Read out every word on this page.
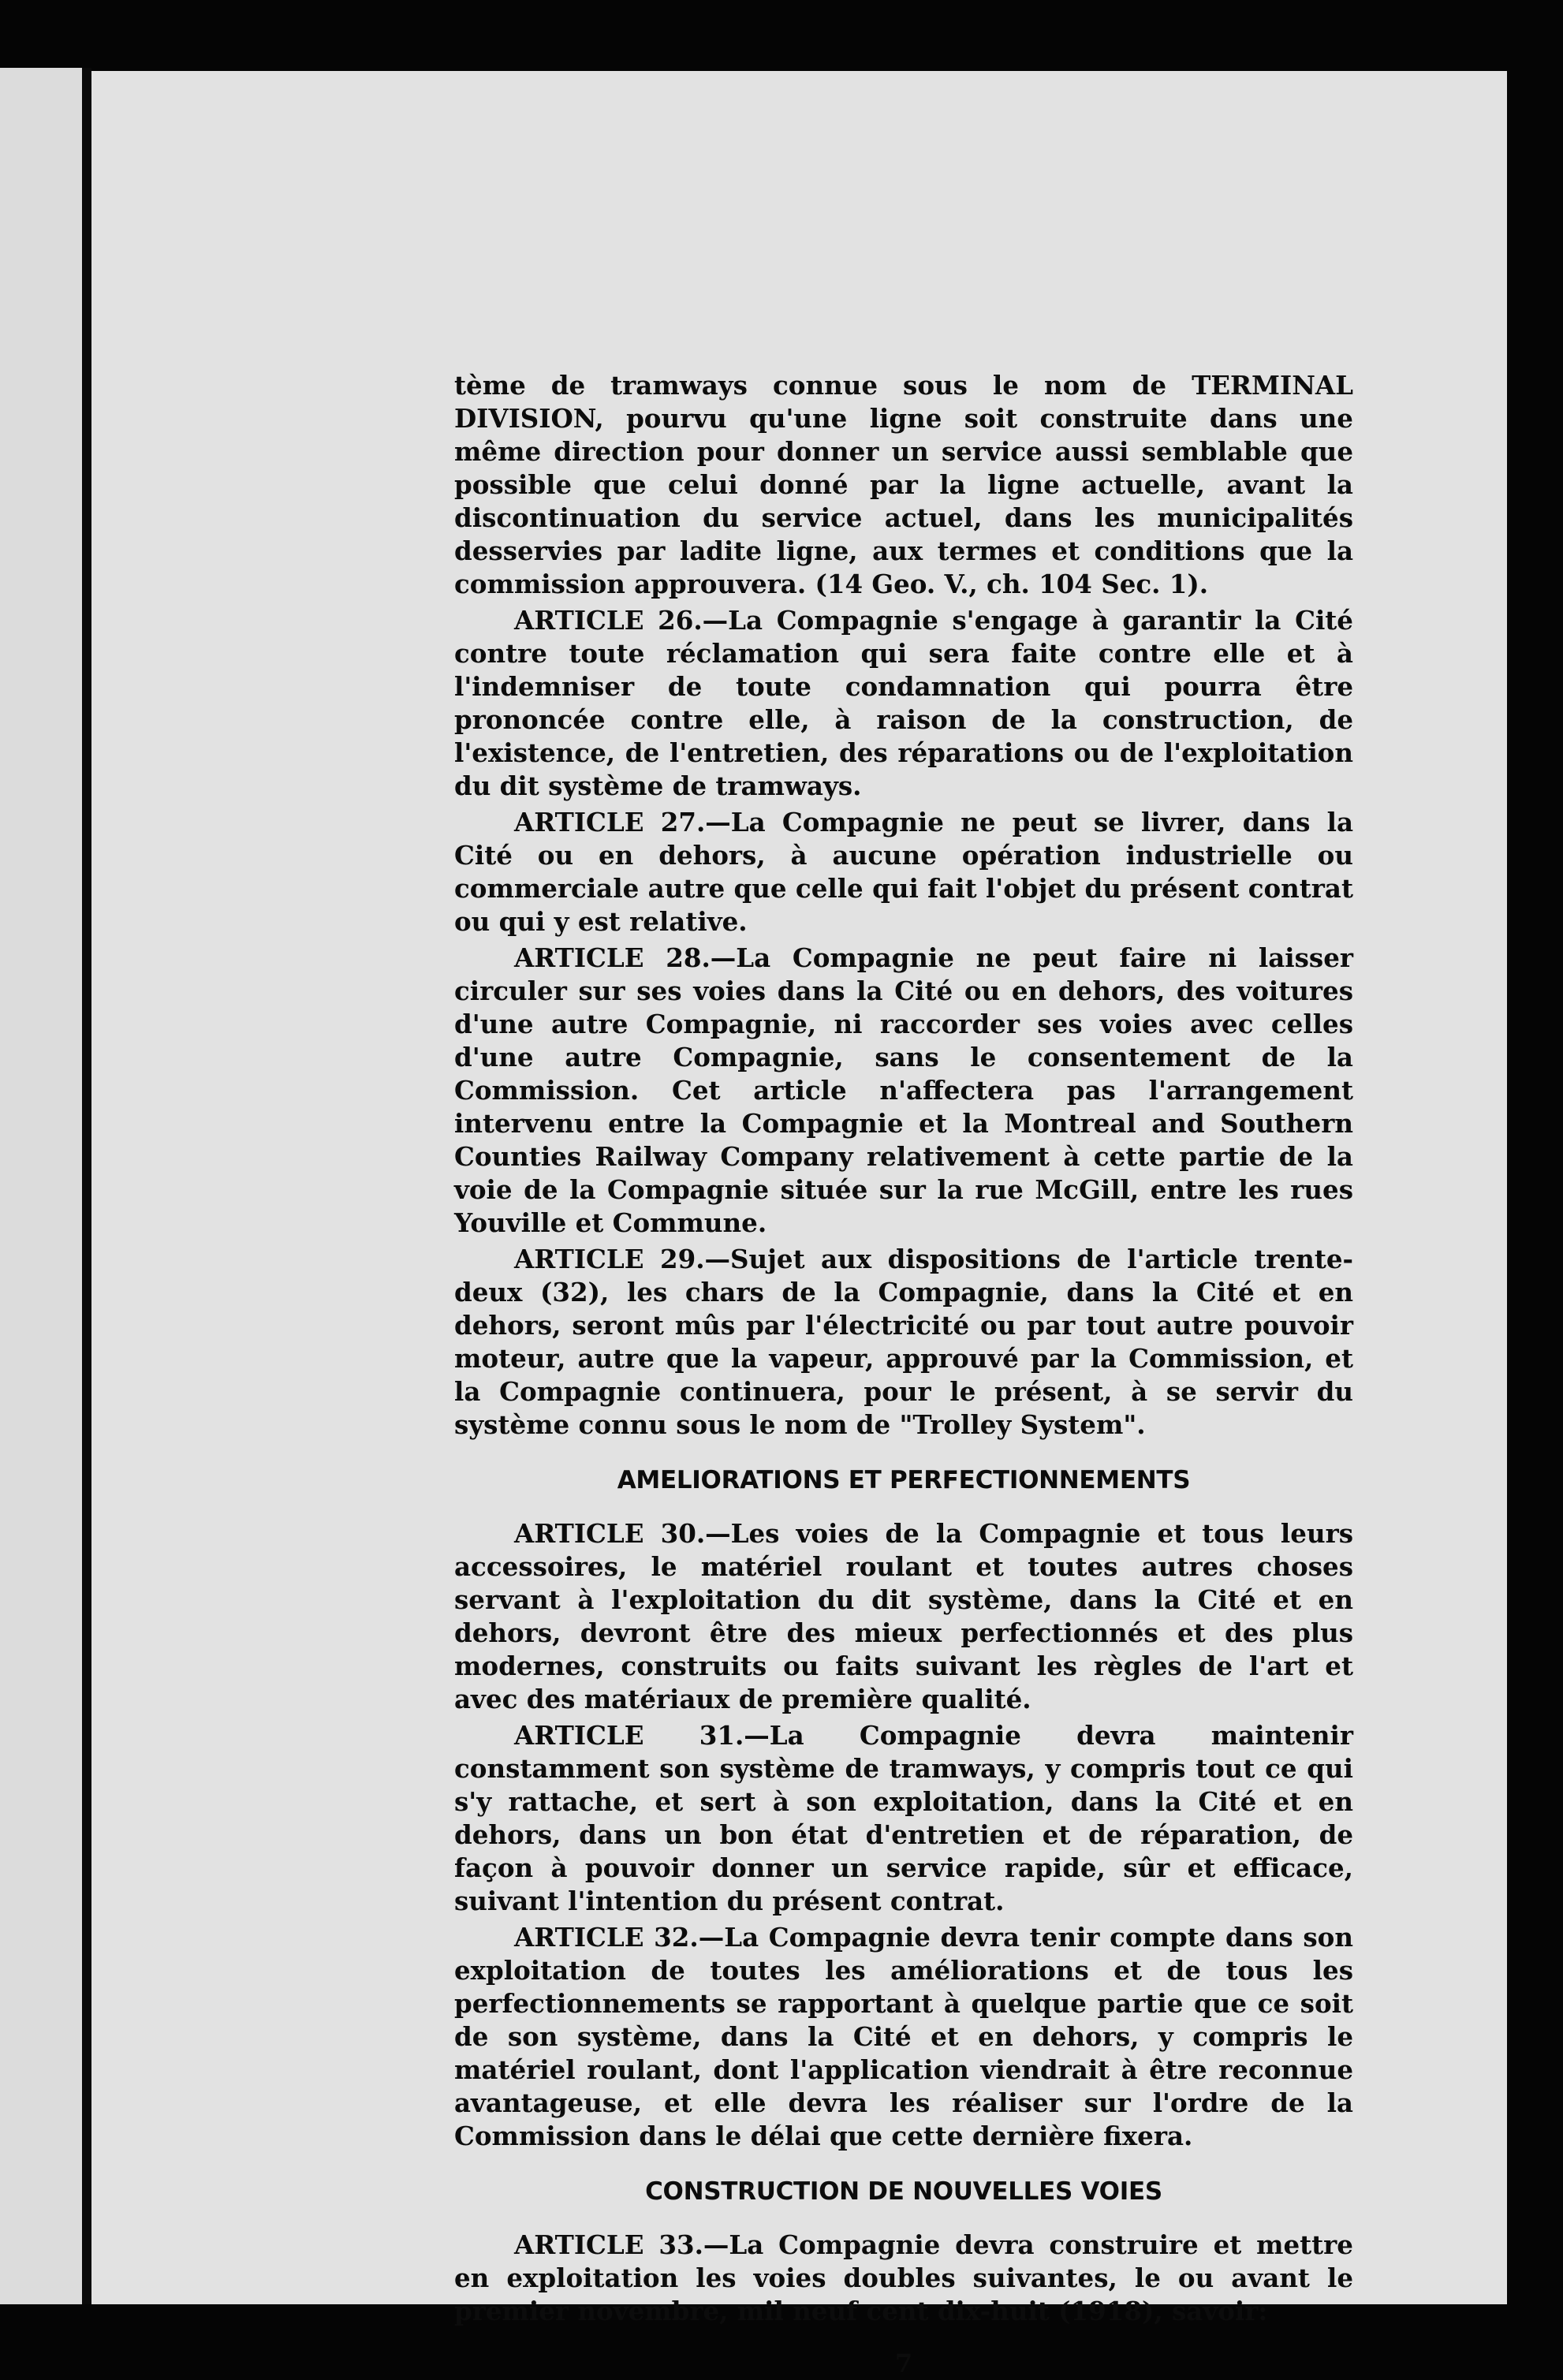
tème de tramways connue sous le nom de TERMINAL DIVISION, pourvu qu'une ligne soit construite dans une même direction pour donner un service aussi semblable que possible que celui donné par la ligne actuelle, avant la discontinuation du service actuel, dans les municipalités desservies par ladite ligne, aux termes et conditions que la commission approuvera. (14 Geo. V., ch. 104 Sec. 1).

ARTICLE 26.—La Compagnie s'engage à garantir la Cité contre toute réclamation qui sera faite contre elle et à l'indemniser de toute condamnation qui pourra être prononcée contre elle, à raison de la construction, de l'existence, de l'entretien, des réparations ou de l'exploitation du dit système de tramways.

ARTICLE 27.—La Compagnie ne peut se livrer, dans la Cité ou en dehors, à aucune opération industrielle ou commerciale autre que celle qui fait l'objet du présent contrat ou qui y est relative.

ARTICLE 28.—La Compagnie ne peut faire ni laisser circuler sur ses voies dans la Cité ou en dehors, des voitures d'une autre Compagnie, ni raccorder ses voies avec celles d'une autre Compagnie, sans le consentement de la Commission. Cet article n'affectera pas l'arrangement intervenu entre la Compagnie et la Montreal and Southern Counties Railway Company relativement à cette partie de la voie de la Compagnie située sur la rue McGill, entre les rues Youville et Commune.

ARTICLE 29.—Sujet aux dispositions de l'article trente-deux (32), les chars de la Compagnie, dans la Cité et en dehors, seront mûs par l'électricité ou par tout autre pouvoir moteur, autre que la vapeur, approuvé par la Commission, et la Compagnie continuera, pour le présent, à se servir du système connu sous le nom de "Trolley System".

AMELIORATIONS ET PERFECTIONNEMENTS

ARTICLE 30.—Les voies de la Compagnie et tous leurs accessoires, le matériel roulant et toutes autres choses servant à l'exploitation du dit système, dans la Cité et en dehors, devront être des mieux perfectionnés et des plus modernes, construits ou faits suivant les règles de l'art et avec des matériaux de première qualité.

ARTICLE 31.—La Compagnie devra maintenir constamment son système de tramways, y compris tout ce qui s'y rattache, et sert à son exploitation, dans la Cité et en dehors, dans un bon état d'entretien et de réparation, de façon à pouvoir donner un service rapide, sûr et efficace, suivant l'intention du présent contrat.

ARTICLE 32.—La Compagnie devra tenir compte dans son exploitation de toutes les améliorations et de tous les perfectionnements se rapportant à quelque partie que ce soit de son système, dans la Cité et en dehors, y compris le matériel roulant, dont l'application viendrait à être reconnue avantageuse, et elle devra les réaliser sur l'ordre de la Commission dans le délai que cette dernière fixera.

CONSTRUCTION DE NOUVELLES VOIES

ARTICLE 33.—La Compagnie devra construire et mettre en exploitation les voies doubles suivantes, le ou avant le premier novembre, mil neuf cent dix-huit (1918), savoir:

7
